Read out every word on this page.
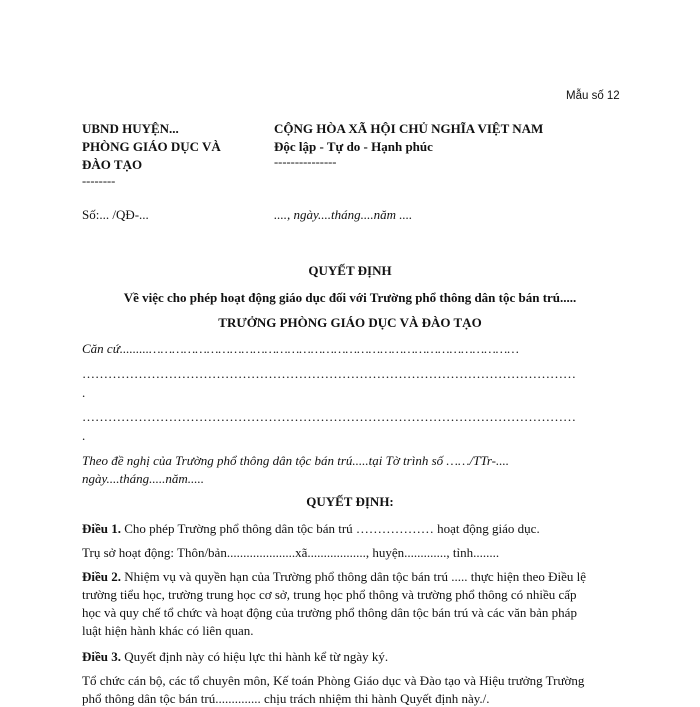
Mẫu số 12
UBND HUYỆN...
PHÒNG GIÁO DỤC VÀ
ĐÀO TẠO
--------
CỘNG HÒA XÃ HỘI CHỦ NGHĨA VIỆT NAM
Độc lập - Tự do - Hạnh phúc
---------------
Số:... /QĐ-...	...., ngày....tháng....năm ....
QUYẾT ĐỊNH
Về việc cho phép hoạt động giáo dục đối với Trường phổ thông dân tộc bán trú.....
TRƯỞNG PHÒNG GIÁO DỤC VÀ ĐÀO TẠO
Căn cứ.........……………………………………………………………………………………
……………………………………………………………………………………………………
.
……………………………………………………………………………………………………
.
Theo đề nghị của Trường phổ thông dân tộc bán trú.....tại Tờ trình số ……/TTr-....
ngày....tháng.....năm.....
QUYẾT ĐỊNH:
Điều 1. Cho phép Trường phổ thông dân tộc bán trú ……………… hoạt động giáo dục.
Trụ sở hoạt động: Thôn/bản.....................xã.................., huyện............., tỉnh........
Điều 2. Nhiệm vụ và quyền hạn của Trường phổ thông dân tộc bán trú ..... thực hiện theo Điều lệ
trường tiểu học, trường trung học cơ sở, trung học phổ thông và trường phổ thông có nhiều cấp
học và quy chế tổ chức và hoạt động của trường phổ thông dân tộc bán trú và các văn bản pháp
luật hiện hành khác có liên quan.
Điều 3. Quyết định này có hiệu lực thi hành kể từ ngày ký.
Tổ chức cán bộ, các tổ chuyên môn, Kế toán Phòng Giáo dục và Đào tạo và Hiệu trưởng Trường
phổ thông dân tộc bán trú.............. chịu trách nhiệm thi hành Quyết định này./.
